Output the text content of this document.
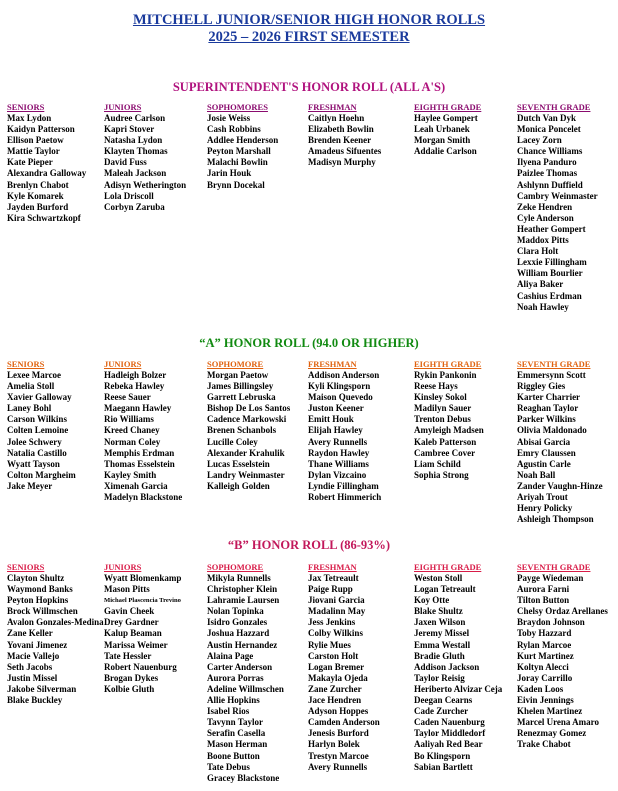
MITCHELL JUNIOR/SENIOR HIGH HONOR ROLLS
2025 – 2026 FIRST SEMESTER
SUPERINTENDENT'S HONOR ROLL (ALL A'S)
SENIORS
Max Lydon
Kaidyn Patterson
Ellison Paetow
Mattie Taylor
Kate Pieper
Alexandra Galloway
Brenlyn Chabot
Kyle Komarek
Jayden Burford
Kira Schwartzkopf
JUNIORS
Audree Carlson
Kapri Stover
Natasha Lydon
Klayten Thomas
David Fuss
Maleah Jackson
Adisyn Wetherington
Lola Driscoll
Corbyn Zaruba
SOPHOMORES
Josie Weiss
Cash Robbins
Addlee Henderson
Peyton Marshall
Malachi Bowlin
Jarin Houk
Brynn Docekal
FRESHMAN
Caitlyn Hoehn
Elizabeth Bowlin
Brenden Keener
Amadeus Sifuentes
Madisyn Murphy
EIGHTH GRADE
Haylee Gompert
Leah Urbanek
Morgan Smith
Addalie Carlson
SEVENTH GRADE
Dutch Van Dyk
Monica Poncelet
Lacey Zorn
Chance Williams
Ilyena Panduro
Paizlee Thomas
Ashlynn Duffield
Cambry Weinmaster
Zeke Hendren
Cyle Anderson
Heather Gompert
Maddox Pitts
Clara Holt
Lexxie Fillingham
William Bourlier
Aliya Baker
Cashius Erdman
Noah Hawley
“A” HONOR ROLL (94.0 OR HIGHER)
SENIORS
Lexee Marcoe
Amelia Stoll
Xavier Galloway
Laney Bohl
Carson Wilkins
Colten Lemoine
Jolee Schwery
Natalia Castillo
Wyatt Tayson
Colton Margheim
Jake Meyer
JUNIORS
Hadleigh Bolzer
Rebeka Hawley
Reese Sauer
Maegann Hawley
Rio Williams
Kreed Chaney
Norman Coley
Memphis Erdman
Thomas Esselstein
Kayley Smith
Ximenah Garcia
Madelyn Blackstone
SOPHOMORE
Morgan Paetow
James Billingsley
Garrett Lebruska
Bishop De Los Santos
Cadence Markowski
Brenen Schanbols
Lucille Coley
Alexander Krahulik
Lucas Esselstein
Landry Weinmaster
Kalleigh Golden
FRESHMAN
Addison Anderson
Kyli Klingsporn
Maison Quevedo
Juston Keener
Emitt Houk
Elijah Hawley
Avery Runnells
Raydon Hawley
Thane Williams
Dylan Vizcaino
Lyndie Fillingham
Robert Himmerich
EIGHTH GRADE
Rykin Pankonin
Reese Hays
Kinsley Sokol
Madilyn Sauer
Trenton Debus
Amyleigh Madsen
Kaleb Patterson
Cambree Cover
Liam Schild
Sophia Strong
SEVENTH GRADE
Emmersynn Scott
Riggley Gies
Karter Charrier
Reaghan Taylor
Parker Wilkins
Olivia Maldonado
Abisai Garcia
Emry Claussen
Agustin Carle
Noah Ball
Zander Vaughn-Hinze
Ariyah Trout
Henry Policky
Ashleigh Thompson
“B” HONOR ROLL (86-93%)
SENIORS
Clayton Shultz
Waymond Banks
Peyton Hopkins
Brock Willmschen
Avalon Gonzales-Medina
Zane Keller
Yovani Jimenez
Macie Vallejo
Seth Jacobs
Justin Missel
Jakobe Silverman
Blake Buckley
JUNIORS
Wyatt Blomenkamp
Mason Pitts
Michael Plascencia Trevino
Gavin Cheek
Drey Gardner
Kalup Beaman
Marissa Weimer
Tate Hessler
Robert Nauenburg
Brogan Dykes
Kolbie Gluth
SOPHOMORE
Mikyla Runnells
Christopher Klein
Lahramie Laursen
Nolan Topinka
Isidro Gonzales
Joshua Hazzard
Austin Hernandez
Alaina Page
Carter Anderson
Aurora Porras
Adeline Willmschen
Allie Hopkins
Isabel Rios
Tavynn Taylor
Serafin Casella
Mason Herman
Boone Button
Tate Debus
Gracey Blackstone
FRESHMAN
Jax Tetreault
Paige Rupp
Jiovani Garcia
Madalinn May
Jess Jenkins
Colby Wilkins
Rylie Mues
Carston Holt
Logan Bremer
Makayla Ojeda
Zane Zurcher
Jace Hendren
Adyson Hoppes
Camden Anderson
Jenesis Burford
Harlyn Bolek
Trestyn Marcoe
Avery Runnells
EIGHTH GRADE
Weston Stoll
Logan Tetreault
Koy Otte
Blake Shultz
Jaxen Wilson
Jeremy Missel
Emma Westall
Bradie Gluth
Addison Jackson
Taylor Reisig
Heriberto Alvizar Ceja
Deegan Cearns
Cade Zurcher
Caden Nauenburg
Taylor Middledorf
Aaliyah Red Bear
Bo Klingsporn
Sabian Bartlett
SEVENTH GRADE
Payge Wiedeman
Aurora Farni
Tilton Button
Chelsy Ordaz Arellanes
Braydon Johnson
Toby Hazzard
Rylan Marcoe
Kurt Martinez
Koltyn Alecci
Joray Carrillo
Kaden Loos
Eivin Jennings
Khelen Martinez
Marcel Urena Amaro
Renezmay Gomez
Trake Chabot
